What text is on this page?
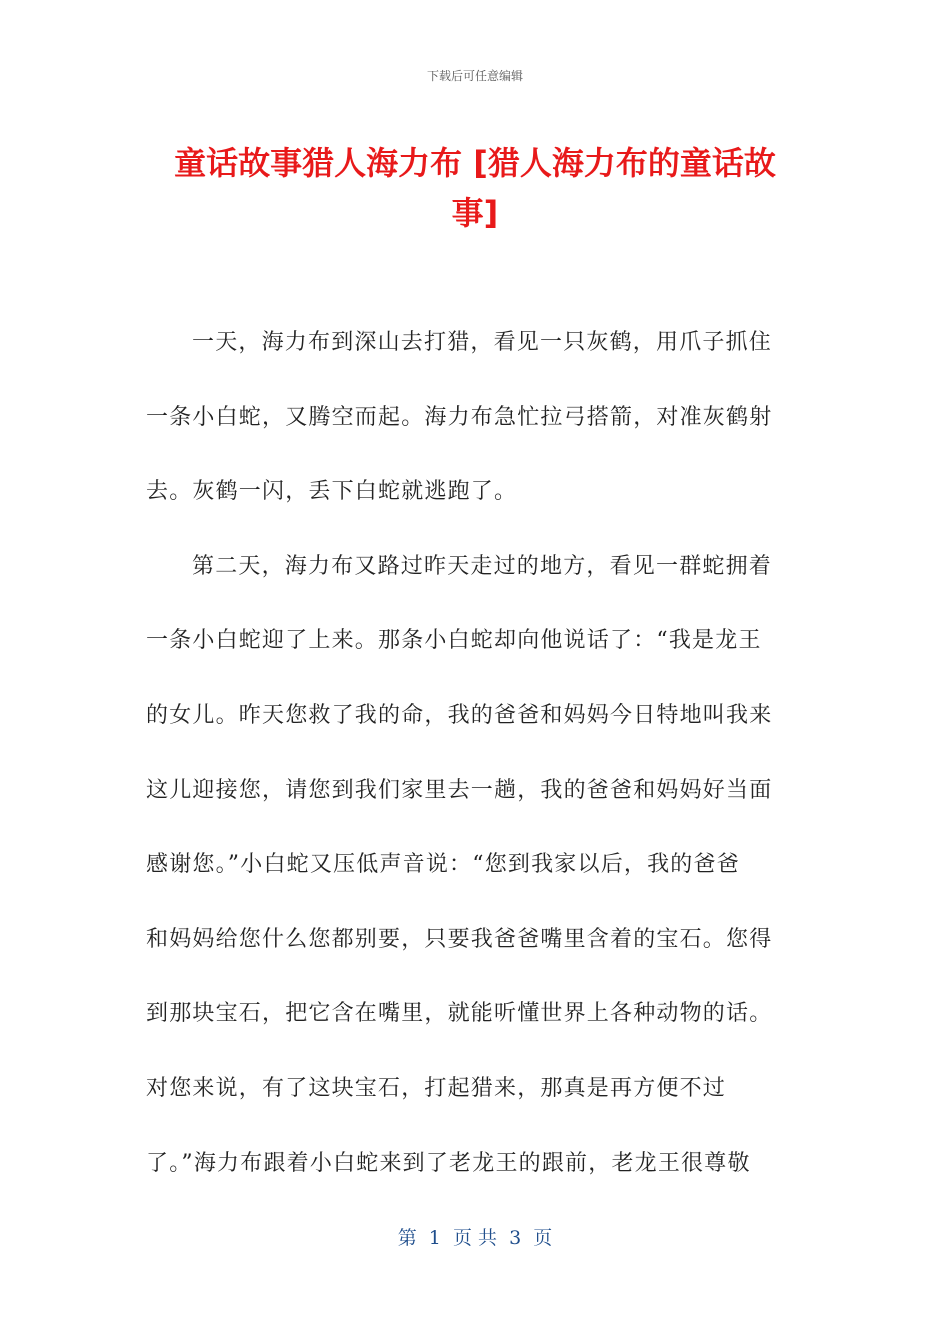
下载后可任意编辑
童话故事猎人海力布 [猎人海力布的童话故
事]
一天，海力布到深山去打猎，看见一只灰鹤，用爪子抓住
一条小白蛇，又腾空而起。海力布急忙拉弓搭箭，对准灰鹤射
去。灰鹤一闪，丢下白蛇就逃跑了。
第二天，海力布又路过昨天走过的地方，看见一群蛇拥着
一条小白蛇迎了上来。那条小白蛇却向他说话了：“我是龙王
的女儿。昨天您救了我的命，我的爸爸和妈妈今日特地叫我来
这儿迎接您，请您到我们家里去一趟，我的爸爸和妈妈好当面
感谢您。”小白蛇又压低声音说：“您到我家以后，我的爸爸
和妈妈给您什么您都别要，只要我爸爸嘴里含着的宝石。您得
到那块宝石，把它含在嘴里，就能听懂世界上各种动物的话。
对您来说，有了这块宝石，打起猎来，那真是再方便不过
了。”海力布跟着小白蛇来到了老龙王的跟前，老龙王很尊敬
第  1  页 共  3  页
